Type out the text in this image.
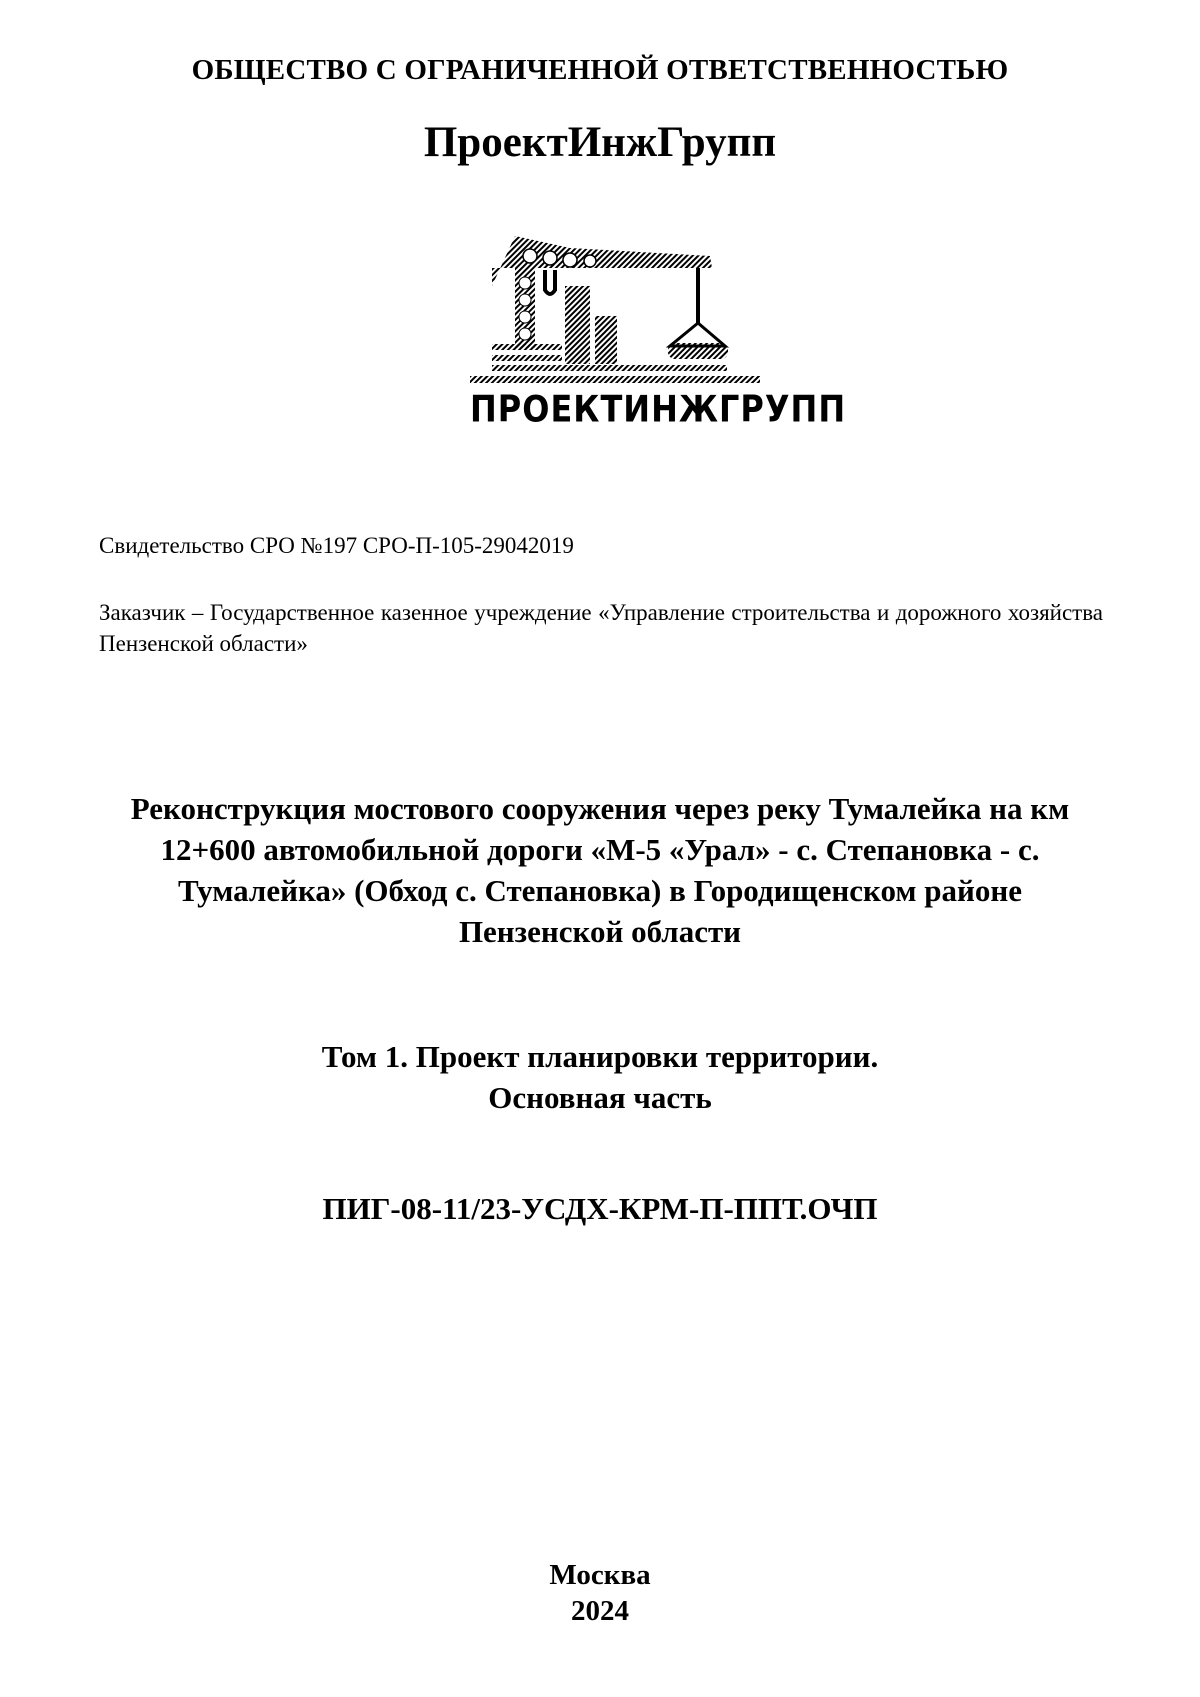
ОБЩЕСТВО С ОГРАНИЧЕННОЙ ОТВЕТСТВЕННОСТЬЮ
ПроектИнжГрупп
ПРОЕКТИНЖГРУПП
Свидетельство СРО №197 СРО-П-105-29042019
Заказчик – Государственное казенное учреждение «Управление строительства и дорожного хозяйства Пензенской области»
Реконструкция мостового сооружения через реку Тумалейка на км
12+600 автомобильной дороги «М-5 «Урал» - с. Степановка - с.
Тумалейка» (Обход с. Степановка) в Городищенском районе
Пензенской области
Том 1. Проект планировки территории.
Основная часть
ПИГ-08-11/23-УСДХ-КРМ-П-ППТ.ОЧП
Москва
2024
